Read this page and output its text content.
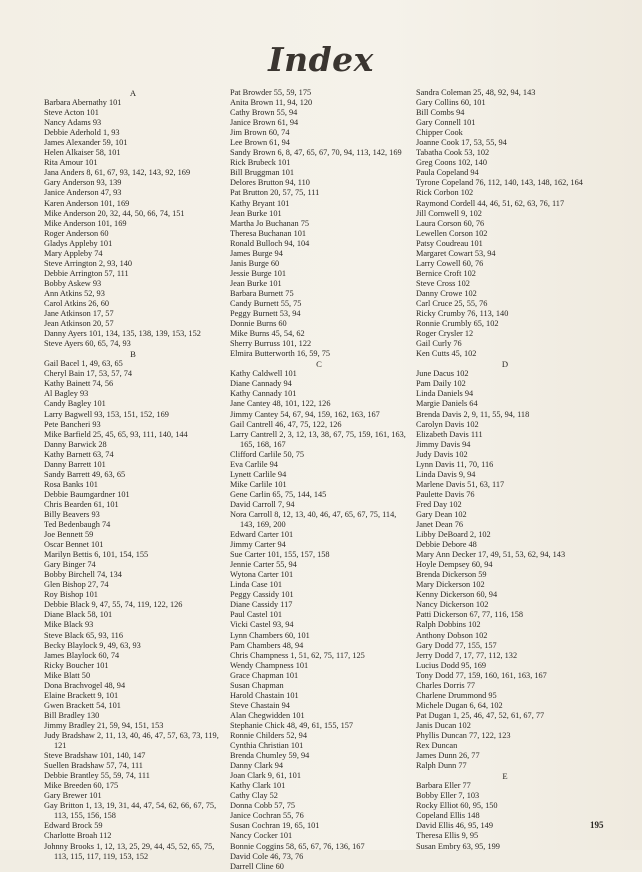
Index
A
Barbara Abernathy 101
Steve Acton 101
Nancy Adams 93
Debbie Aderhold 1, 93
James Alexander 59, 101
Helen Alkaiser 58, 101
Rita Amour 101
Jana Anders 8, 61, 67, 93, 142, 143, 92, 169
Gary Anderson 93, 139
Janice Anderson 47, 93
Karen Anderson 101, 169
Mike Anderson 20, 32, 44, 50, 66, 74, 151
Mike Anderson 101, 169
Roger Anderson 60
Gladys Appleby 101
Mary Appleby 74
Steve Arrington 2, 93, 140
Debbie Arrington 57, 111
Bobby Askew 93
Ann Atkins 52, 93
Carol Atkins 26, 60
Jane Atkinson 17, 57
Jean Atkinson 20, 57
Danny Ayers 101, 134, 135, 138, 139, 153, 152
Steve Ayers 60, 65, 74, 93
B
Gail Bacel 1, 49, 63, 65
Cheryl Bain 17, 53, 57, 74
Kathy Bainett 74, 56
Al Bagley 93
Candy Bagley 101
Larry Bagwell 93, 153, 151, 152, 169
Pete Bancheri 93
Mike Barfield 25, 45, 65, 93, 111, 140, 144
Danny Barwick 28
Kathy Barnett 63, 74
Danny Barrett 101
Sandy Barrett 49, 63, 65
Rosa Banks 101
Debbie Baumgardner 101
Chris Bearden 61, 101
Billy Beavers 93
Ted Bedenbaugh 74
Joe Bennett 59
Oscar Bennet 101
Marilyn Bettis 6, 101, 154, 155
Gary Binger 74
Bobby Birchell 74, 134
Glen Bishop 27, 74
Roy Bishop 101
Debbie Black 9, 47, 55, 74, 119, 122, 126
Diane Black 58, 101
Mike Black 93
Steve Black 65, 93, 116
Becky Blaylock 9, 49, 63, 93
James Blaylock 60, 74
Ricky Boucher 101
Mike Blatt 50
Dona Brachvogel 48, 94
Elaine Brackett 9, 101
Gwen Brackett 54, 101
Bill Bradley 130
Jimmy Bradley 21, 59, 94, 151, 153
Judy Bradshaw 2, 11, 13, 40, 46, 47, 57, 63, 73, 119, 121
Steve Bradshaw 101, 140, 147
Suellen Bradshaw 57, 74, 111
Debbie Brantley 55, 59, 74, 111
Mike Breeden 60, 175
Gary Brewer 101
Gay Britton 1, 13, 19, 31, 44, 47, 54, 62, 66, 67, 75, 113, 155, 156, 158
Edward Brock 59
Charlotte Broah 112
Johnny Brooks 1, 12, 13, 25, 29, 44, 45, 52, 65, 75, 113, 115, 117, 119, 153, 152
Pat Browder 55, 59, 175
Anita Brown 11, 94, 120
Cathy Brown 55, 94
Janice Brown 61, 94
Jim Brown 60, 74
Lee Brown 61, 94
Sandy Brown 6, 8, 47, 65, 67, 70, 94, 113, 142, 169
Rick Brubeck 101
Bill Bruggman 101
Delores Brutton 94, 110
Pat Brutton 20, 57, 75, 111
Kathy Bryant 101
Jean Burke 101
Martha Jo Buchanan 75
Theresa Buchanan 101
Ronald Bulloch 94, 104
James Burge 94
Janis Burge 60
Jessie Burge 101
Jean Burke 101
Barbara Burnett 75
Candy Burnett 55, 75
Peggy Burnett 53, 94
Donnie Burns 60
Mike Burns 45, 54, 62
Sherry Burruss 101, 122
Elmira Butterworth 16, 59, 75
C
Kathy Caldwell 101
Diane Cannady 94
Kathy Cannady 101
Jane Cantey 48, 101, 122, 126
Jimmy Cantey 54, 67, 94, 159, 162, 163, 167
Gail Cantrell 46, 47, 75, 122, 126
Larry Cantrell 2, 3, 12, 13, 38, 67, 75, 159, 161, 163, 165, 168, 167
Clifford Carlile 50, 75
Eva Carlile 94
Lynett Carlile 94
Mike Carlile 101
Gene Carlin 65, 75, 144, 145
David Carroll 7, 94
Nora Carroll 8, 12, 13, 40, 46, 47, 65, 67, 75, 114, 143, 169, 200
Edward Carter 101
Jimmy Carter 94
Sue Carter 101, 155, 157, 158
Jennie Carter 55, 94
Wytona Carter 101
Linda Case 101
Peggy Cassidy 101
Diane Cassidy 117
Paul Castel 101
Vicki Castel 93, 94
Lynn Chambers 60, 101
Pam Chambers 48, 94
Chris Champness 1, 51, 62, 75, 117, 125
Wendy Champness 101
Grace Chapman 101
Susan Chapman
Harold Chastain 101
Steve Chastain 94
Alan Chegwidden 101
Stephanie Chick 48, 49, 61, 155, 157
Ronnie Childers 52, 94
Cynthia Christian 101
Brenda Chumley 59, 94
Danny Clark 94
Joan Clark 9, 61, 101
Kathy Clark 101
Cathy Clay 52
Donna Cobb 57, 75
Janice Cochran 55, 76
Susan Cochran 19, 65, 101
Nancy Cocker 101
Bonnie Coggins 58, 65, 67, 76, 136, 167
David Cole 46, 73, 76
Darrell Cline 60
Sandra Coleman 25, 48, 92, 94, 143
Gary Collins 60, 101
Bill Combs 94
Gary Connell 101
Chipper Cook
Joanne Cook 17, 53, 55, 94
Tabatha Cook 53, 102
Greg Coons 102, 140
Paula Copeland 94
Tyrone Copeland 76, 112, 140, 143, 148, 162, 164
Rick Corbon 102
Raymond Cordell 44, 46, 51, 62, 63, 76, 117
Jill Cornwell 9, 102
Laura Corson 60, 76
Lewellen Corson 102
Patsy Coudreau 101
Margaret Cowart 53, 94
Larry Cowell 60, 76
Bernice Croft 102
Steve Cross 102
Danny Crowe 102
Carl Cruce 25, 55, 76
Ricky Crumby 76, 113, 140
Ronnie Crumbly 65, 102
Roger Crysler 12
Gail Curly 76
Ken Cutts 45, 102
D
June Dacus 102
Pam Daily 102
Linda Daniels 94
Margie Daniels 64
Brenda Davis 2, 9, 11, 55, 94, 118
Carolyn Davis 102
Elizabeth Davis 111
Jimmy Davis 94
Judy Davis 102
Lynn Davis 11, 70, 116
Linda Davis 9, 94
Marlene Davis 51, 63, 117
Paulette Davis 76
Fred Day 102
Gary Dean 102
Janet Dean 76
Libby DeBoard 2, 102
Debbie Debore 48
Mary Ann Decker 17, 49, 51, 53, 62, 94, 143
Hoyle Dempsey 60, 94
Brenda Dickerson 59
Mary Dickerson 102
Kenny Dickerson 60, 94
Nancy Dickerson 102
Patti Dickerson 67, 77, 116, 158
Ralph Dobbins 102
Anthony Dobson 102
Gary Dodd 77, 155, 157
Jerry Dodd 7, 17, 77, 112, 132
Lucius Dodd 95, 169
Tony Dodd 77, 159, 160, 161, 163, 167
Charles Dorris 77
Charlene Drummond 95
Michele Dugan 6, 64, 102
Pat Dugan 1, 25, 46, 47, 52, 61, 67, 77
Janis Ducan 102
Phyllis Duncan 77, 122, 123
Rex Duncan
James Dunn 26, 77
Ralph Dunn 77
E
Barbara Eller 77
Bobby Eller 7, 103
Rocky Elliot 60, 95, 150
Copeland Ellis 148
David Ellis 46, 95, 149
Theresa Ellis 9, 95
Susan Embry 63, 95, 199
195
